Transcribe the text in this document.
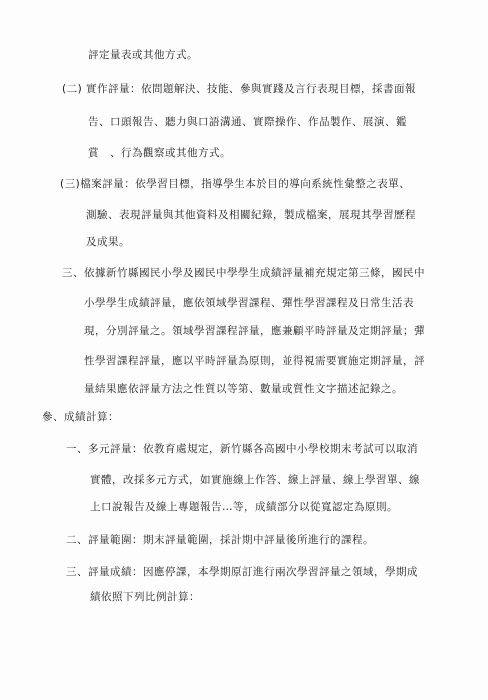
評定量表或其他方式。
(二) 實作評量：依問題解決、技能、參與實踐及言行表現目標，採書面報
告、口頭報告、聽力與口語溝通、實際操作、作品製作、展演、鑑
賞　、行為觀察或其他方式。
(三)檔案評量：依學習目標，指導學生本於目的導向系統性彙整之表單、
測驗、表現評量與其他資料及相關紀錄，製成檔案，展現其學習歷程
及成果。
三、依據新竹縣國民小學及國民中學學生成績評量補充規定第三條，國民中
小學學生成績評量，應依領域學習課程、彈性學習課程及日常生活表
現，分別評量之。領域學習課程評量，應兼顧平時評量及定期評量；彈
性學習課程評量，應以平時評量為原則，並得視需要實施定期評量，評
量結果應依評量方法之性質以等第、數量或質性文字描述記錄之。
參、成績計算：
一、多元評量：依教育處規定，新竹縣各高國中小學校期末考試可以取消
實體，改採多元方式，如實施線上作答、線上評量、線上學習單、線
上口說報告及線上專題報告…等，成績部分以從寬認定為原則。
二、評量範圍：期末評量範圍，採計期中評量後所進行的課程。
三、評量成績：因應停課，本學期原訂進行兩次學習評量之領域，學期成
績依照下列比例計算：
